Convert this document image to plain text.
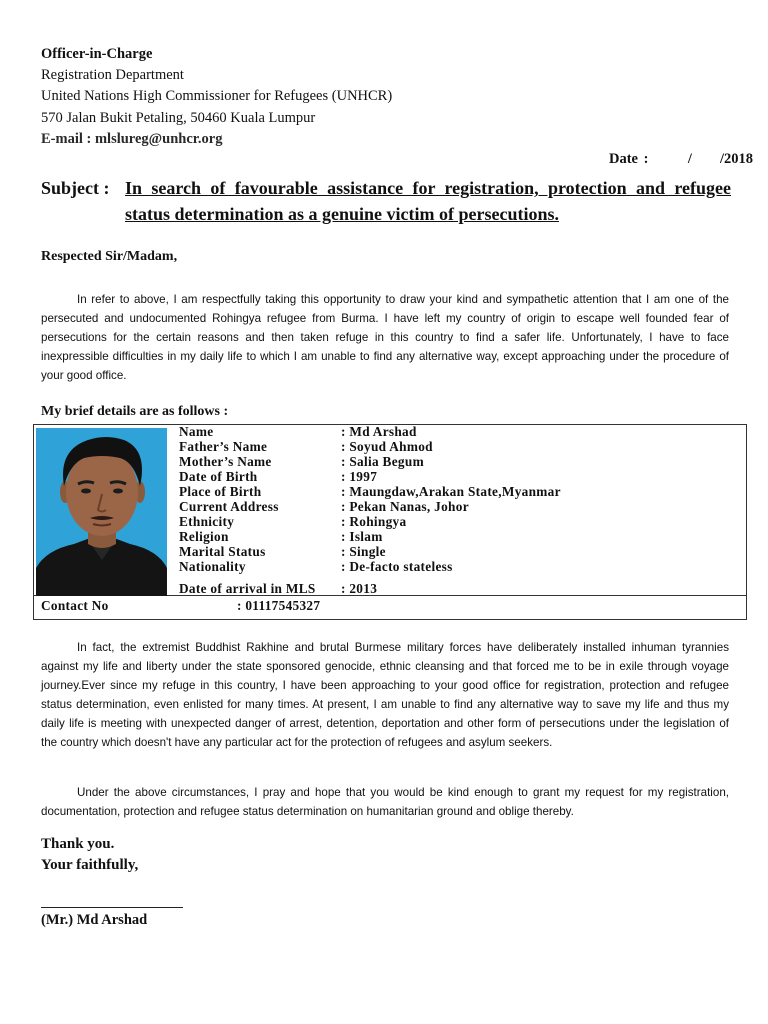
Officer-in-Charge
Registration Department
United Nations High Commissioner for Refugees (UNHCR)
570 Jalan Bukit Petaling, 50460 Kuala Lumpur
E-mail : mlslureg@unhcr.org
Date :       /     /2018
Subject : In search of favourable assistance for registration, protection and refugee status determination as a genuine victim of persecutions.
Respected Sir/Madam,
In refer to above, I am respectfully taking this opportunity to draw your kind and sympathetic attention that I am one of the persecuted and undocumented Rohingya refugee from Burma. I have left my country of origin to escape well founded fear of persecutions for the certain reasons and then taken refuge in this country to find a safer life. Unfortunately, I have to face inexpressible difficulties in my daily life to which I am unable to find any alternative way, except approaching under the procedure of your good office.
My brief details are as follows :
Name	: Md Arshad
Father’s Name	: Soyud Ahmod
Mother’s Name	: Salia Begum
Date of Birth	: 1997
Place of Birth	: Maungdaw,Arakan State,Myanmar
Current Address	: Pekan Nanas, Johor
Ethnicity	: Rohingya
Religion	: Islam
Marital Status	: Single
Nationality	: De-facto stateless
Date of arrival in MLS : 2013
Contact No	: 01117545327
In fact, the extremist Buddhist Rakhine and brutal Burmese military forces have deliberately installed inhuman tyrannies against my life and liberty under the state sponsored genocide, ethnic cleansing and that forced me to be in exile through voyage journey.Ever since my refuge in this country, I have been approaching to your good office for registration, protection and refugee status determination, even enlisted for many times. At present, I am unable to find any alternative way to save my life and thus my daily life is meeting with unexpected danger of arrest, detention, deportation and other form of persecutions under the legislation of the country which doesn't have any particular act for the protection of refugees and asylum seekers.
Under the above circumstances, I pray and hope that you would be kind enough to grant my request for my registration, documentation, protection and refugee status determination on humanitarian ground and oblige thereby.
Thank you.
Your faithfully,
(Mr.) Md Arshad
